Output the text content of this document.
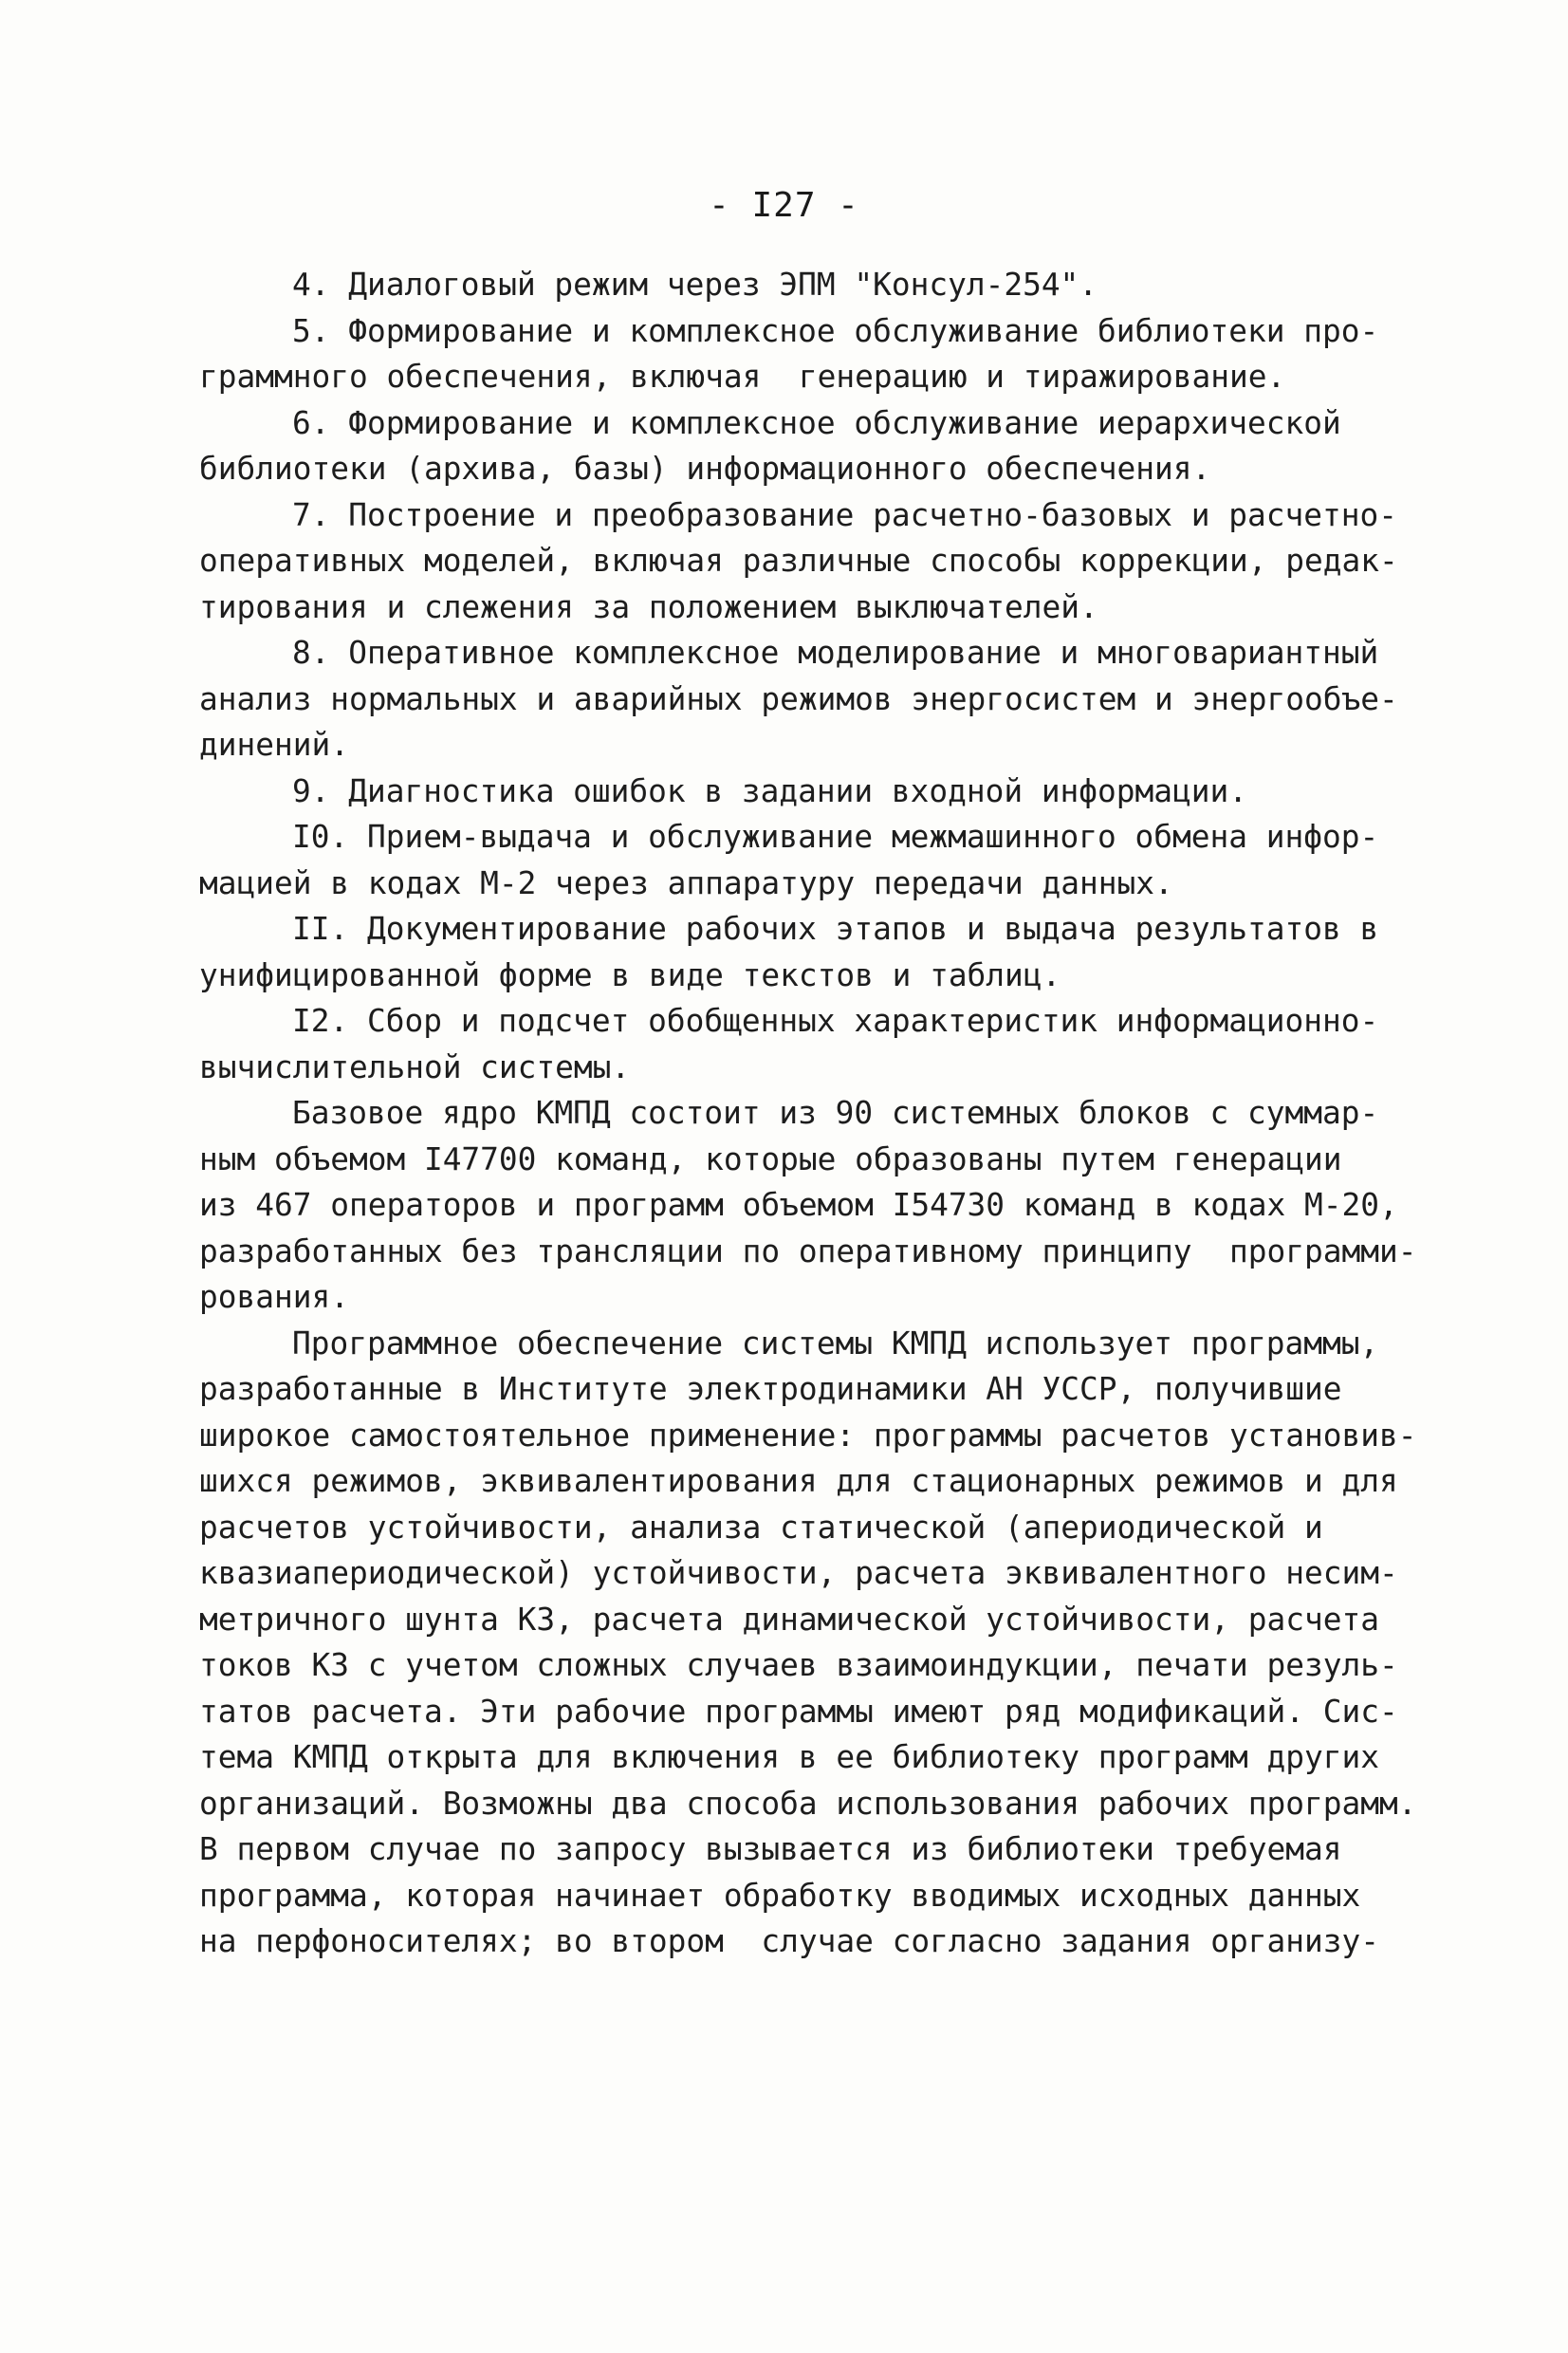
- I27 -
4. Диалоговый режим через ЭПМ "Консул-254".
5. Формирование и комплексное обслуживание библиотеки про-
граммного обеспечения, включая  генерацию и тиражирование.
6. Формирование и комплексное обслуживание иерархической
библиотеки (архива, базы) информационного обеспечения.
7. Построение и преобразование расчетно-базовых и расчетно-
оперативных моделей, включая различные способы коррекции, редак-
тирования и слежения за положением выключателей.
8. Оперативное комплексное моделирование и многовариантный
анализ нормальных и аварийных режимов энергосистем и энергообъе-
динений.
9. Диагностика ошибок в задании входной информации.
I0. Прием-выдача и обслуживание межмашинного обмена инфор-
мацией в кодах М-2 через аппаратуру передачи данных.
II. Документирование рабочих этапов и выдача результатов в
унифицированной форме в виде текстов и таблиц.
I2. Сбор и подсчет обобщенных характеристик информационно-
вычислительной системы.
Базовое ядро КМПД состоит из 90 системных блоков с суммар-
ным объемом I47700 команд, которые образованы путем генерации
из 467 операторов и программ объемом I54730 команд в кодах М-20,
разработанных без трансляции по оперативному принципу  программи-
рования.
Программное обеспечение системы КМПД использует программы,
разработанные в Институте электродинамики АН УССР, получившие
широкое самостоятельное применение: программы расчетов установив-
шихся режимов, эквивалентирования для стационарных режимов и для
расчетов устойчивости, анализа статической (апериодической и
квазиапериодической) устойчивости, расчета эквивалентного несим-
метричного шунта КЗ, расчета динамической устойчивости, расчета
токов КЗ с учетом сложных случаев взаимоиндукции, печати резуль-
татов расчета. Эти рабочие программы имеют ряд модификаций. Сис-
тема КМПД открыта для включения в ее библиотеку программ других
организаций. Возможны два способа использования рабочих программ.
В первом случае по запросу вызывается из библиотеки требуемая
программа, которая начинает обработку вводимых исходных данных
на перфоносителях; во втором  случае согласно задания организу-
